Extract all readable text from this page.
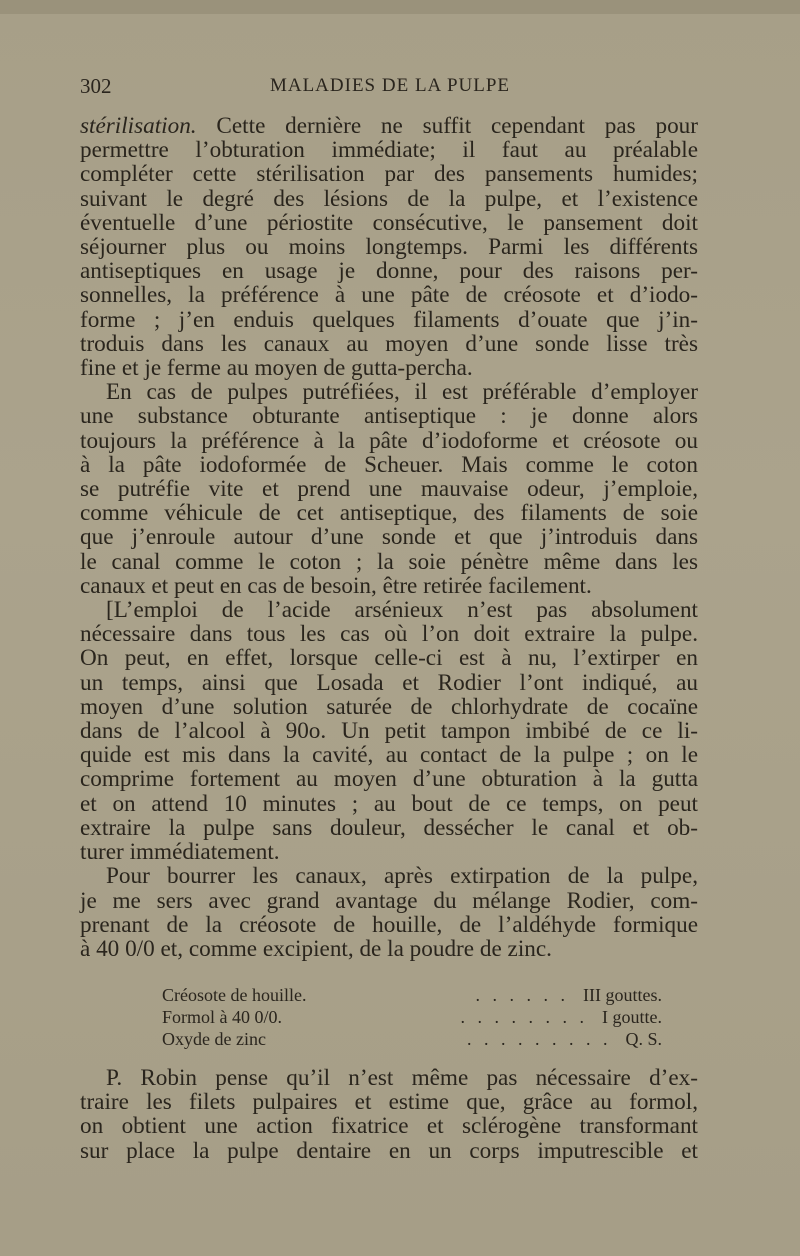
302	MALADIES DE LA PULPE

stérilisation. Cette dernière ne suffit cependant pas pour

permettre l’obturation immédiate; il faut au préalable

compléter cette stérilisation par des pansements humides;

suivant le degré des lésions de la pulpe, et l’existence

éventuelle d’une périostite consécutive, le pansement doit

séjourner plus ou moins longtemps. Parmi les différents

antiseptiques en usage je donne, pour des raisons per-

sonnelles, la préférence à une pâte de créosote et d’iodo-

forme ; j’en enduis quelques filaments d’ouate que j’in-

troduis dans les canaux au moyen d’une sonde lisse très

fine et je ferme au moyen de gutta-percha.

En cas de pulpes putréfiées, il est préférable d’employer

une substance obturante antiseptique : je donne alors

toujours la préférence à la pâte d’iodoforme et créosote ou

à la pâte iodoformée de Scheuer. Mais comme le coton

se putréfie vite et prend une mauvaise odeur, j’emploie,

comme véhicule de cet antiseptique, des filaments de soie

que j’enroule autour d’une sonde et que j’introduis dans

le canal comme le coton ; la soie pénètre même dans les

canaux et peut en cas de besoin, être retirée facilement.

[L’emploi de l’acide arsénieux n’est pas absolument

nécessaire dans tous les cas où l’on doit extraire la pulpe.

On peut, en effet, lorsque celle-ci est à nu, l’extirper en

un temps, ainsi que Losada et Rodier l’ont indiqué, au

moyen d’une solution saturée de chlorhydrate de cocaïne

dans de l’alcool à 90o. Un petit tampon imbibé de ce li-

quide est mis dans la cavité, au contact de la pulpe ; on le

comprime fortement au moyen d’une obturation à la gutta

et on attend 10 minutes ; au bout de ce temps, on peut

extraire la pulpe sans douleur, dessécher le canal et ob-

turer immédiatement.

Pour bourrer les canaux, après extirpation de la pulpe,

je me sers avec grand avantage du mélange Rodier, com-

prenant de la créosote de houille, de l’aldéhyde formique

à 40 0/0 et, comme excipient, de la poudre de zinc.

Créosote de houille.	. . . . . . III gouttes.
Formol à 40 0/0.	. . . . . . . . I goutte.
Oxyde de zinc	. . . . . . . . . Q. S.

P. Robin pense qu’il n’est même pas nécessaire d’ex-

traire les filets pulpaires et estime que, grâce au formol,

on obtient une action fixatrice et sclérogène transformant

sur place la pulpe dentaire en un corps imputrescible et
